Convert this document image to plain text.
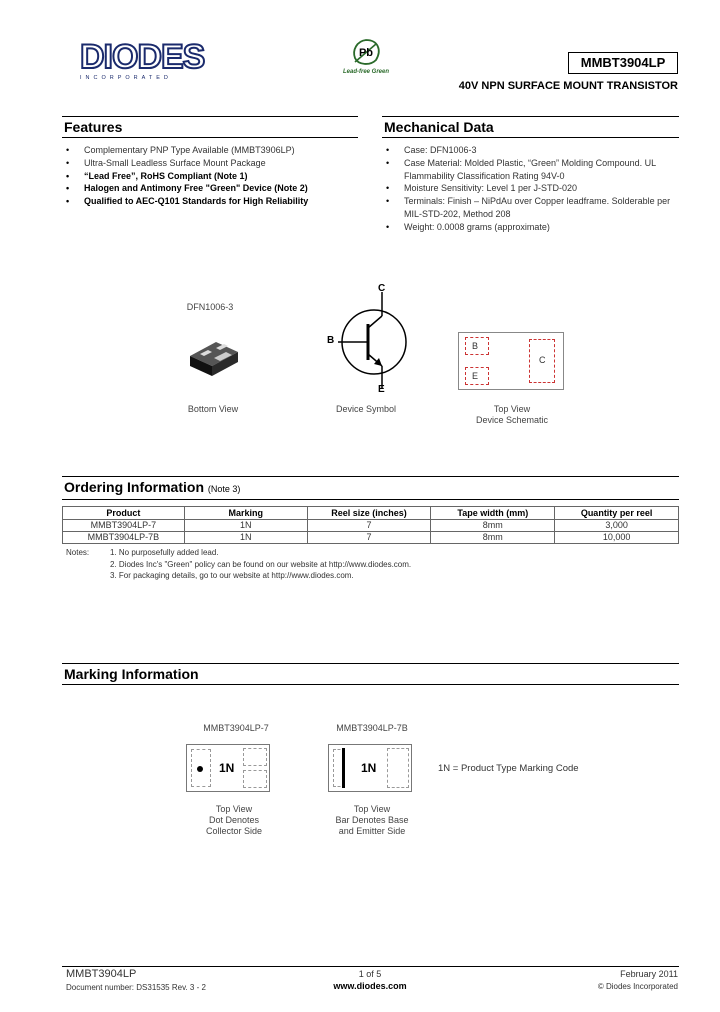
DIODES
INCORPORATED
Pb
Lead-free Green
MMBT3904LP
40V NPN SURFACE MOUNT TRANSISTOR
Features
• Complementary PNP Type Available (MMBT3906LP)
• Ultra-Small Leadless Surface Mount Package
• “Lead Free”, RoHS Compliant (Note 1)
• Halogen and Antimony Free "Green" Device (Note 2)
• Qualified to AEC-Q101 Standards for High Reliability
Mechanical Data
• Case: DFN1006-3
• Case Material: Molded Plastic, “Green” Molding Compound. UL Flammability Classification Rating 94V-0
• Moisture Sensitivity: Level 1 per J-STD-020
• Terminals: Finish – NiPdAu over Copper leadframe. Solderable per MIL-STD-202, Method 208
• Weight: 0.0008 grams (approximate)
DFN1006-3
Bottom View
C
B
E
Device Symbol
B
E
C
Top View
Device Schematic
Ordering Information (Note 3)
Product	Marking	Reel size (inches)	Tape width (mm)	Quantity per reel
MMBT3904LP-7	1N	7	8mm	3,000
MMBT3904LP-7B	1N	7	8mm	10,000
Notes:	1. No purposefully added lead.
2. Diodes Inc's "Green" policy can be found on our website at http://www.diodes.com.
3. For packaging details, go to our website at http://www.diodes.com.
Marking Information
MMBT3904LP-7
1N
Top View
Dot Denotes
Collector Side
MMBT3904LP-7B
1N
Top View
Bar Denotes Base
and Emitter Side
1N = Product Type Marking Code
MMBT3904LP
Document number: DS31535 Rev. 3 - 2
1 of 5
www.diodes.com
February 2011
© Diodes Incorporated
